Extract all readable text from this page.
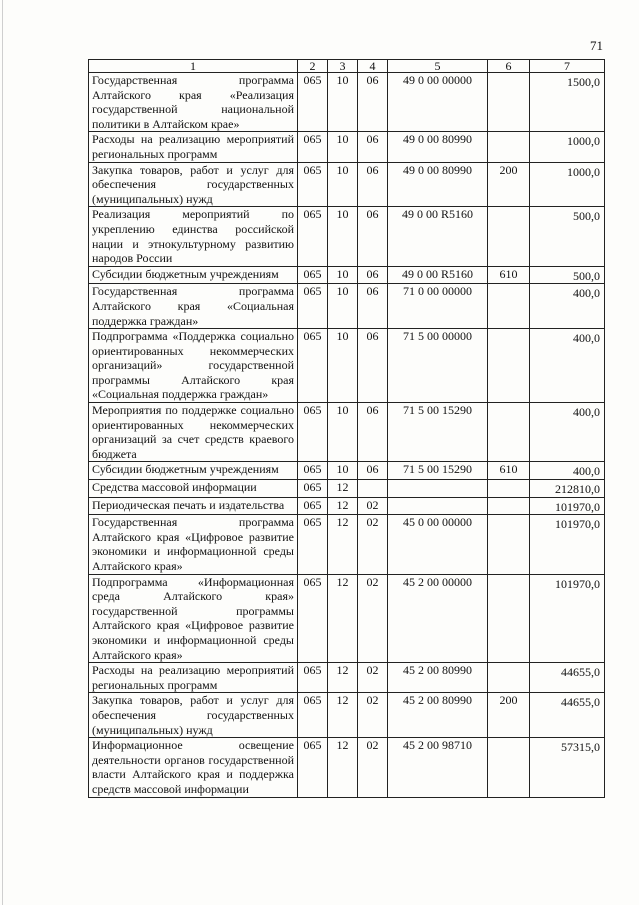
71
1	2	3	4	5	6	7
Государственная программа Алтайского края «Реализация государственной национальной политики в Алтайском крае»	065	10	06	49 0 00 00000		1500,0
Расходы на реализацию мероприятий региональных программ	065	10	06	49 0 00 80990		1000,0
Закупка товаров, работ и услуг для обеспечения государственных (муниципальных) нужд	065	10	06	49 0 00 80990	200	1000,0
Реализация мероприятий по укреплению единства российской нации и этнокультурному развитию народов России	065	10	06	49 0 00 R5160		500,0
Субсидии бюджетным учреждениям	065	10	06	49 0 00 R5160	610	500,0
Государственная программа Алтайского края «Социальная поддержка граждан»	065	10	06	71 0 00 00000		400,0
Подпрограмма «Поддержка социально ориентированных некоммерческих организаций» государственной программы Алтайского края «Социальная поддержка граждан»	065	10	06	71 5 00 00000		400,0
Мероприятия по поддержке социально ориентированных некоммерческих организаций за счет средств краевого бюджета	065	10	06	71 5 00 15290		400,0
Субсидии бюджетным учреждениям	065	10	06	71 5 00 15290	610	400,0
Средства массовой информации	065	12				212810,0
Периодическая печать и издательства	065	12	02			101970,0
Государственная программа Алтайского края «Цифровое развитие экономики и информационной среды Алтайского края»	065	12	02	45 0 00 00000		101970,0
Подпрограмма «Информационная среда Алтайского края» государственной программы Алтайского края «Цифровое развитие экономики и информационной среды Алтайского края»	065	12	02	45 2 00 00000		101970,0
Расходы на реализацию мероприятий региональных программ	065	12	02	45 2 00 80990		44655,0
Закупка товаров, работ и услуг для обеспечения государственных (муниципальных) нужд	065	12	02	45 2 00 80990	200	44655,0
Информационное освещение деятельности органов государственной власти Алтайского края и поддержка средств массовой информации	065	12	02	45 2 00 98710		57315,0
